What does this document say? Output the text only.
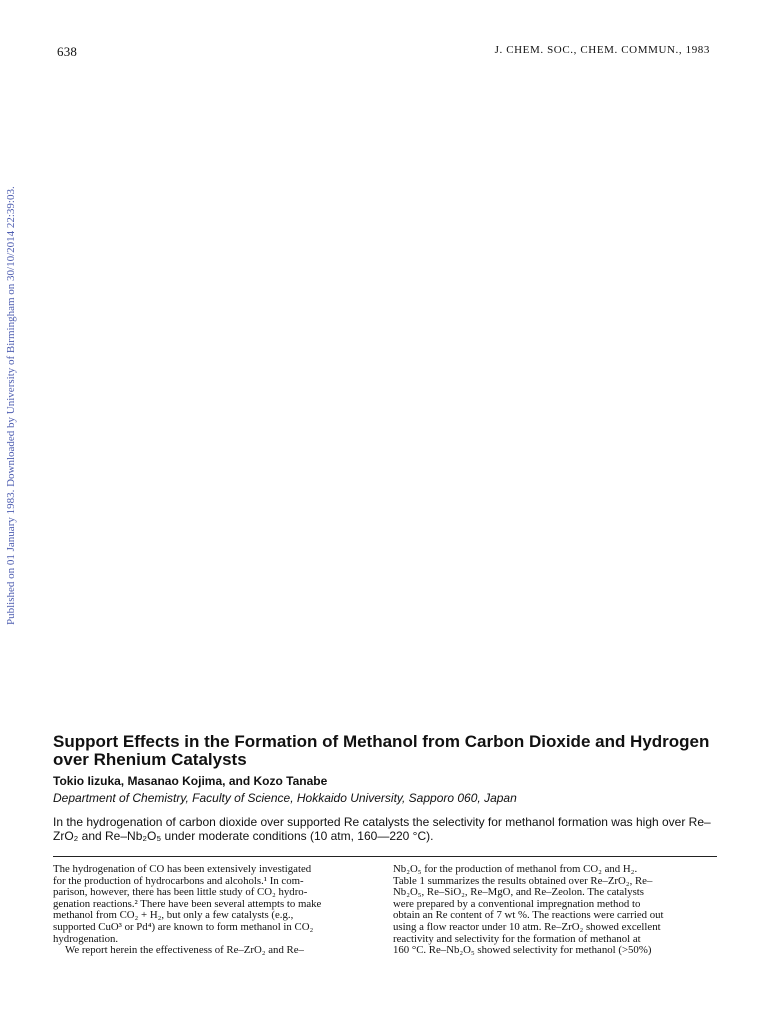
638	J. CHEM. SOC., CHEM. COMMUN., 1983
Published on 01 January 1983. Downloaded by University of Birmingham on 30/10/2014 22:39:03.
Support Effects in the Formation of Methanol from Carbon Dioxide and Hydrogen over Rhenium Catalysts
Tokio Iizuka, Masanao Kojima, and Kozo Tanabe
Department of Chemistry, Faculty of Science, Hokkaido University, Sapporo 060, Japan
In the hydrogenation of carbon dioxide over supported Re catalysts the selectivity for methanol formation was high over Re–ZrO₂ and Re–Nb₂O₅ under moderate conditions (10 atm, 160—220 °C).
The hydrogenation of CO has been extensively investigated
for the production of hydrocarbons and alcohols.¹ In com-
parison, however, there has been little study of CO₂ hydro-
genation reactions.² There have been several attempts to make
methanol from CO₂ + H₂, but only a few catalysts (e.g.,
supported CuO³ or Pd⁴) are known to form methanol in CO₂
hydrogenation.
We report herein the effectiveness of Re–ZrO₂ and Re–
Nb₂O₅ for the production of methanol from CO₂ and H₂.
Table 1 summarizes the results obtained over Re–ZrO₂, Re–
Nb₂O₅, Re–SiO₂, Re–MgO, and Re–Zeolon. The catalysts
were prepared by a conventional impregnation method to
obtain an Re content of 7 wt %. The reactions were carried out
using a flow reactor under 10 atm. Re–ZrO₂ showed excellent
reactivity and selectivity for the formation of methanol at
160 °C. Re–Nb₂O₅ showed selectivity for methanol (>50%)
